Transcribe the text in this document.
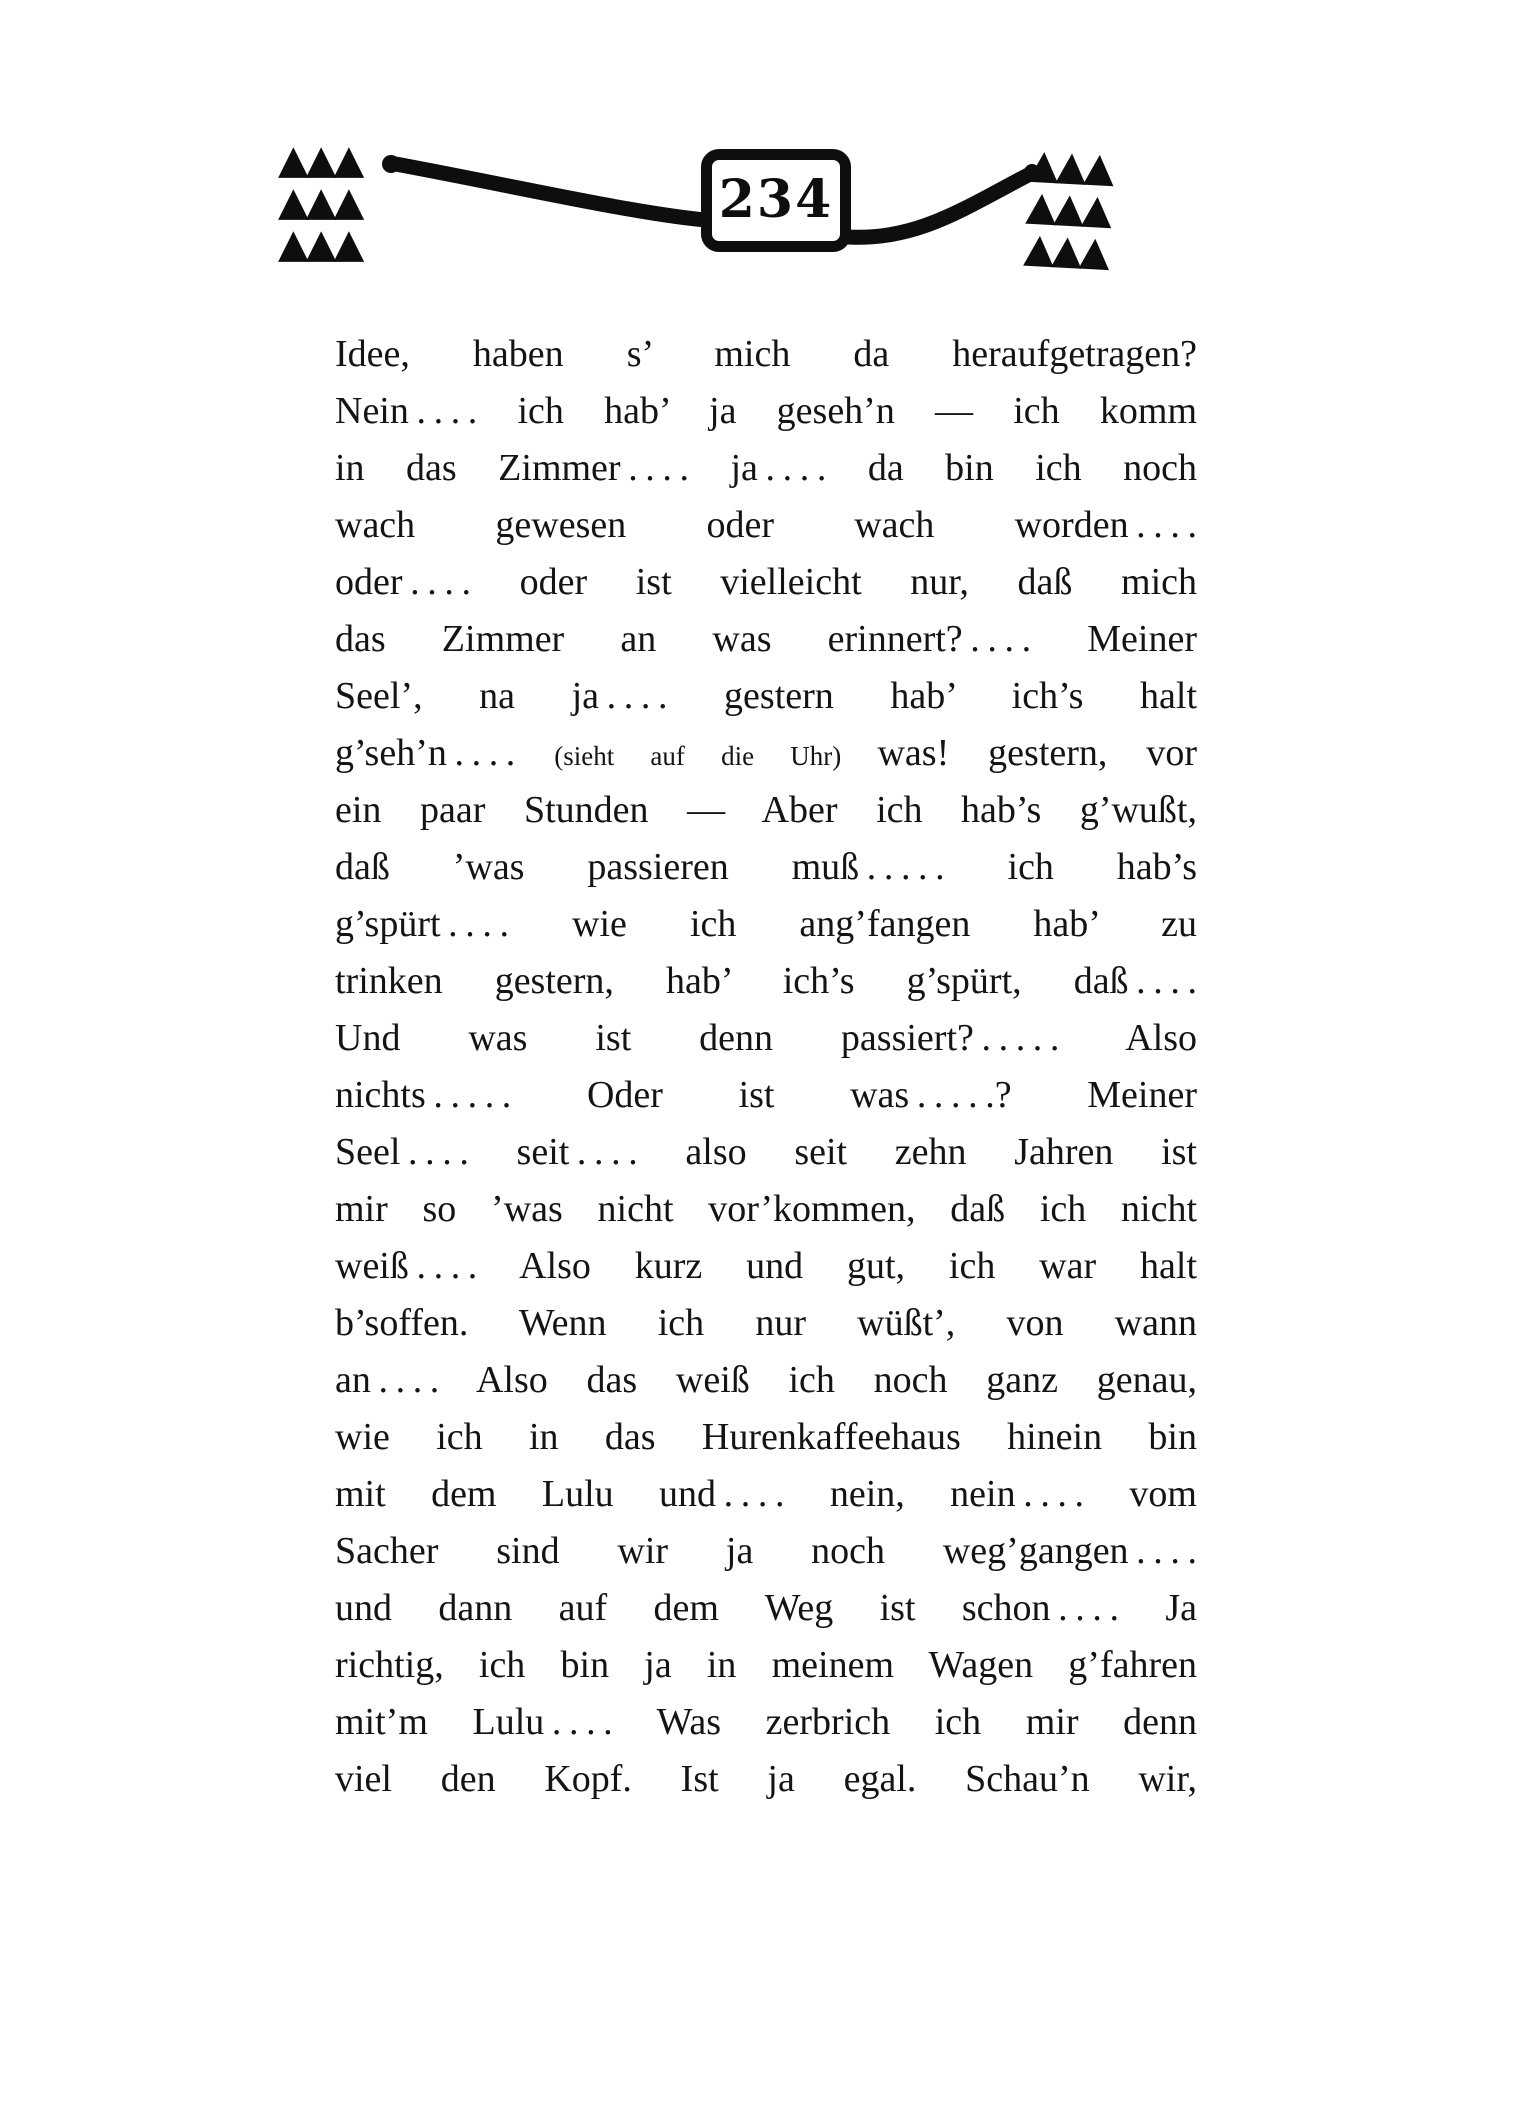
▲▲▲
▲▲▲
▲▲▲
234
▲▲▲
▲▲▲
▲▲▲
Idee, haben s’ mich da heraufgetragen?
Nein . . . . ich hab’ ja geseh’n — ich komm
in das Zimmer . . . . ja . . . . da bin ich noch
wach gewesen oder wach worden . . . .
oder . . . . oder ist vielleicht nur, daß mich
das Zimmer an was erinnert? . . . . Meiner
Seel’, na ja . . . . gestern hab’ ich’s halt
g’seh’n . . . . (sieht auf die Uhr) was! gestern, vor
ein paar Stunden — Aber ich hab’s g’wußt,
daß ’was passieren muß . . . . . ich hab’s
g’spürt . . . . wie ich ang’fangen hab’ zu
trinken gestern, hab’ ich’s g’spürt, daß . . . .
Und was ist denn passiert? . . . . . Also
nichts . . . . . Oder ist was . . . . .? Meiner
Seel . . . . seit . . . . also seit zehn Jahren ist
mir so ’was nicht vor’kommen, daß ich nicht
weiß . . . . Also kurz und gut, ich war halt
b’soffen. Wenn ich nur wüßt’, von wann
an . . . . Also das weiß ich noch ganz genau,
wie ich in das Hurenkaffeehaus hinein bin
mit dem Lulu und . . . . nein, nein . . . . vom
Sacher sind wir ja noch weg’gangen . . . .
und dann auf dem Weg ist schon . . . . Ja
richtig, ich bin ja in meinem Wagen g’fahren
mit’m Lulu . . . . Was zerbrich ich mir denn
viel den Kopf. Ist ja egal. Schau’n wir,
